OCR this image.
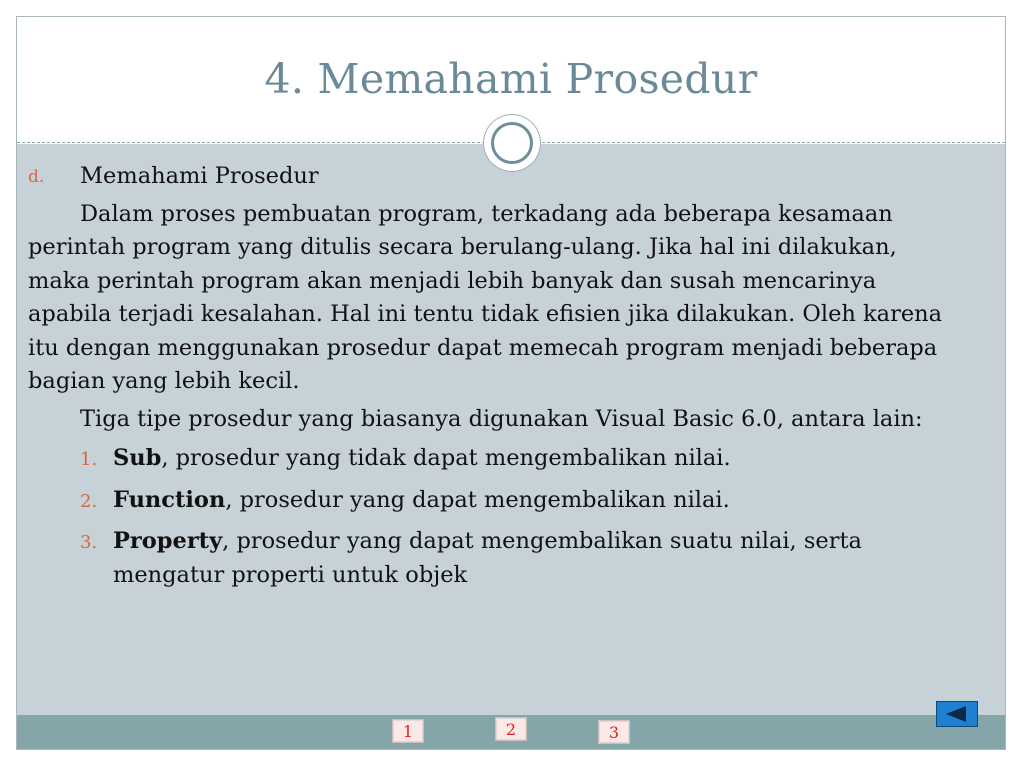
4. Memahami Prosedur
d. Memahami Prosedur

Dalam proses pembuatan program, terkadang ada beberapa kesamaan perintah program yang ditulis secara berulang-ulang. Jika hal ini dilakukan, maka perintah program akan menjadi lebih banyak dan susah mencarinya apabila terjadi kesalahan. Hal ini tentu tidak efisien jika dilakukan. Oleh karena itu dengan menggunakan prosedur dapat memecah program menjadi beberapa bagian yang lebih kecil.

Tiga tipe prosedur yang biasanya digunakan Visual Basic 6.0, antara lain:

1. Sub, prosedur yang tidak dapat mengembalikan nilai.
2. Function, prosedur yang dapat mengembalikan nilai.
3. Property, prosedur yang dapat mengembalikan suatu nilai, serta mengatur properti untuk objek
1	2	3
